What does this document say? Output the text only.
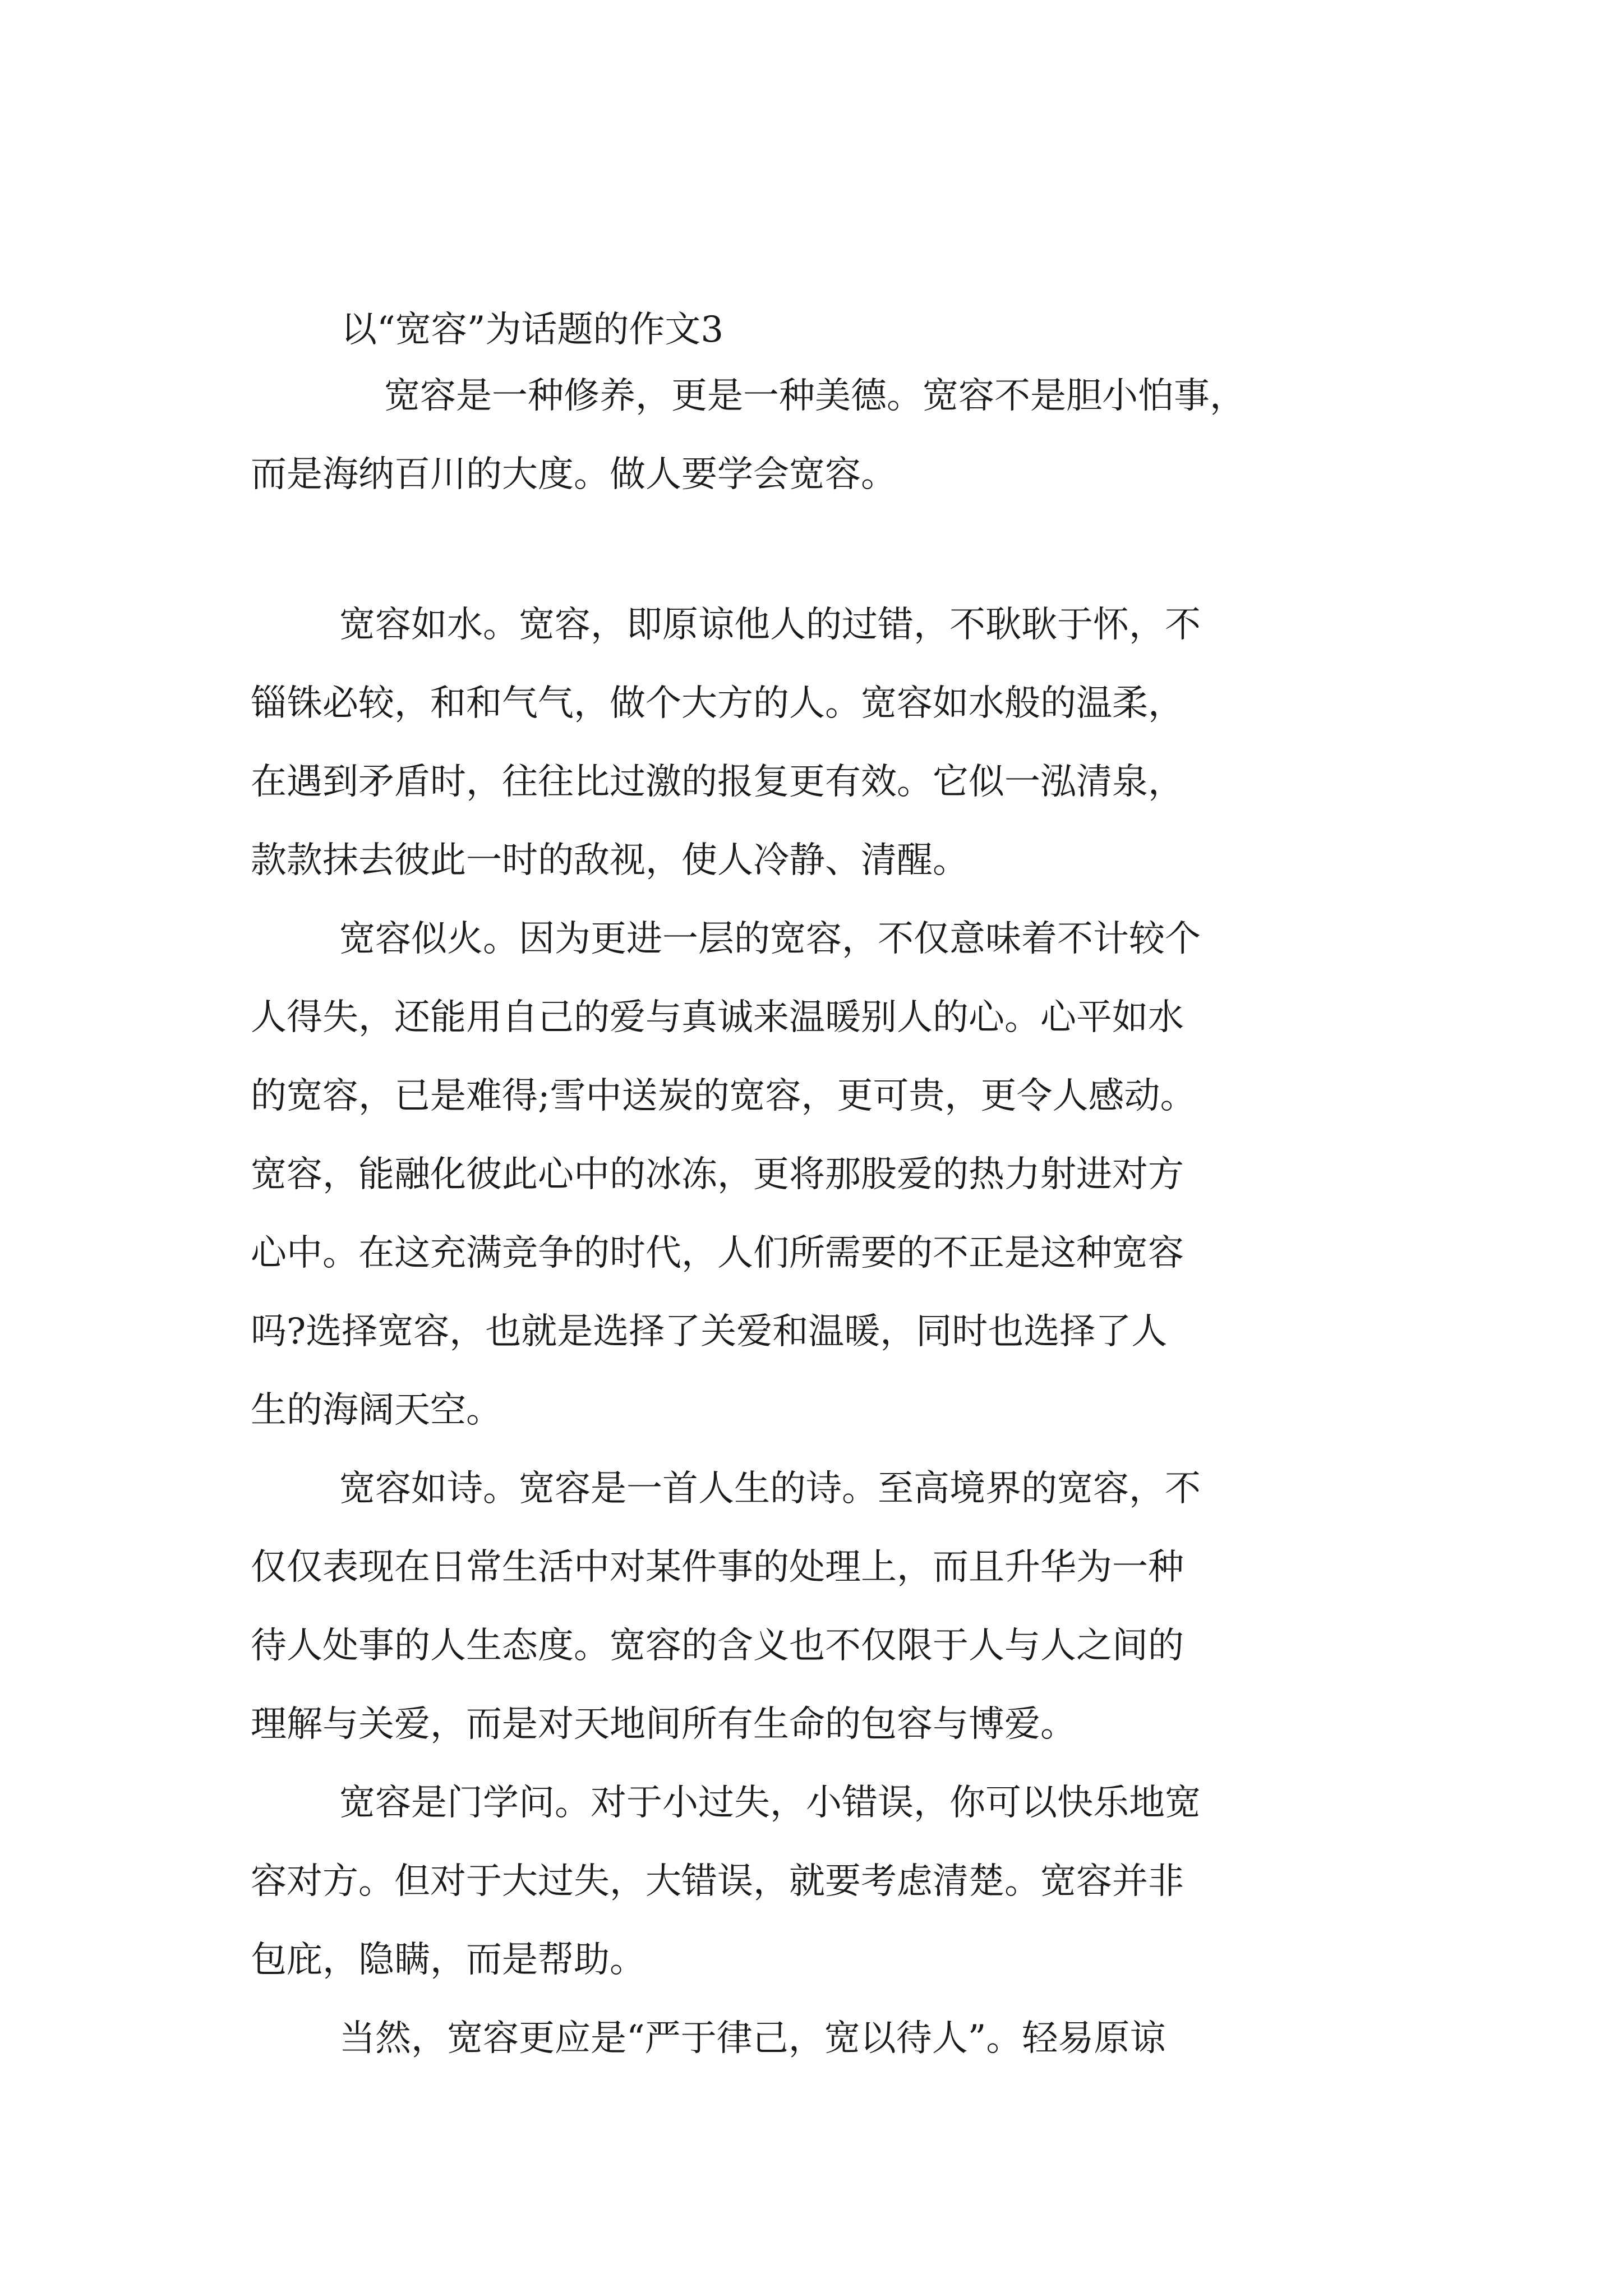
以“宽容”为话题的作文3
宽容是一种修养，更是一种美德。宽容不是胆小怕事，
而是海纳百川的大度。做人要学会宽容。
宽容如水。宽容，即原谅他人的过错，不耿耿于怀，不
锱铢必较，和和气气，做个大方的人。宽容如水般的温柔，
在遇到矛盾时，往往比过激的报复更有效。它似一泓清泉，
款款抹去彼此一时的敌视，使人冷静、清醒。
宽容似火。因为更进一层的宽容，不仅意味着不计较个
人得失，还能用自己的爱与真诚来温暖别人的心。心平如水
的宽容，已是难得;雪中送炭的宽容，更可贵，更令人感动。
宽容，能融化彼此心中的冰冻，更将那股爱的热力射进对方
心中。在这充满竞争的时代，人们所需要的不正是这种宽容
吗?选择宽容，也就是选择了关爱和温暖，同时也选择了人
生的海阔天空。
宽容如诗。宽容是一首人生的诗。至高境界的宽容，不
仅仅表现在日常生活中对某件事的处理上，而且升华为一种
待人处事的人生态度。宽容的含义也不仅限于人与人之间的
理解与关爱，而是对天地间所有生命的包容与博爱。
宽容是门学问。对于小过失，小错误，你可以快乐地宽
容对方。但对于大过失，大错误，就要考虑清楚。宽容并非
包庇，隐瞒，而是帮助。
当然，宽容更应是“严于律己，宽以待人”。轻易原谅
